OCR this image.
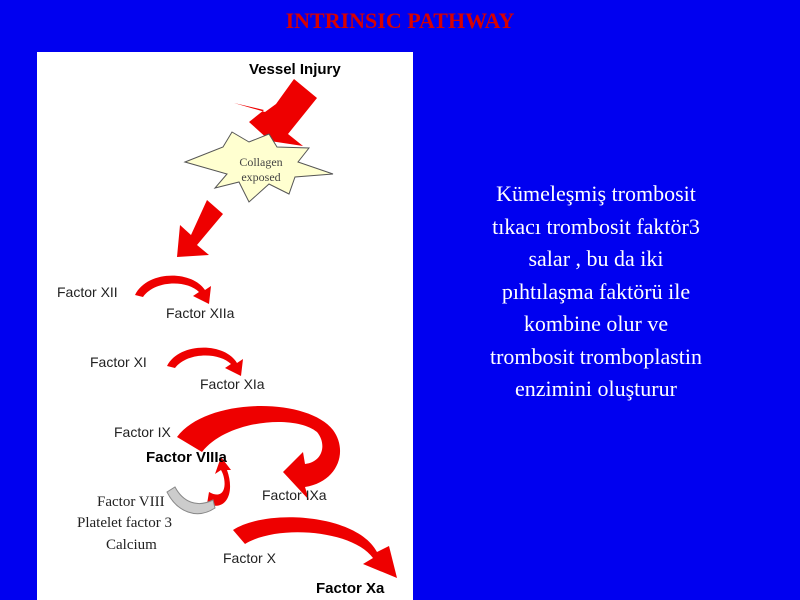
INTRINSIC PATHWAY
Vessel Injury
Collagen
exposed
Factor XII
Factor XIIa
Factor XI
Factor XIa
Factor IX
Factor VIIIa
Factor IXa
Factor VIII
Platelet factor 3
Calcium
Factor X
Factor Xa
Kümeleşmiş trombosit
tıkacı trombosit faktör3
salar , bu da iki
pıhtılaşma faktörü ile
kombine olur ve
trombosit tromboplastin
enzimini oluşturur
